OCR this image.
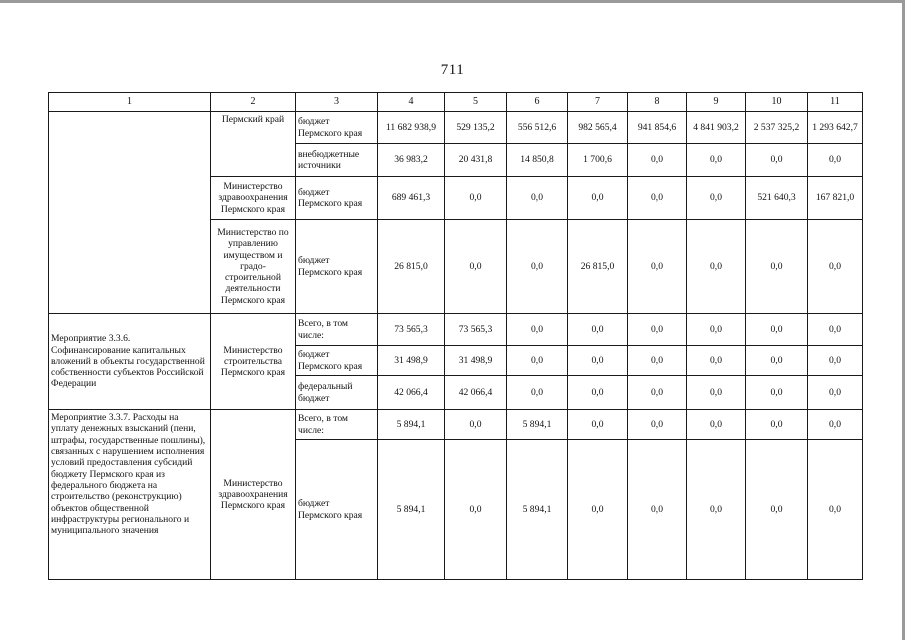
711
1	2	3	4	5	6	7	8	9	10	11
	Пермский край	бюджет Пермского края	11 682 938,9	529 135,2	556 512,6	982 565,4	941 854,6	4 841 903,2	2 537 325,2	1 293 642,7
		внебюджетные источники	36 983,2	20 431,8	14 850,8	1 700,6	0,0	0,0	0,0	0,0
	Министерство здравоохранения Пермского края	бюджет Пермского края	689 461,3	0,0	0,0	0,0	0,0	0,0	521 640,3	167 821,0
	Министерство по управлению имуществом и градо-строительной деятельности Пермского края	бюджет Пермского края	26 815,0	0,0	0,0	26 815,0	0,0	0,0	0,0	0,0
Мероприятие 3.3.6. Софинансирование капитальных вложений в объекты государственной собственности субъектов Российской Федерации	Министерство строительства Пермского края	Всего, в том числе:	73 565,3	73 565,3	0,0	0,0	0,0	0,0	0,0	0,0
		бюджет Пермского края	31 498,9	31 498,9	0,0	0,0	0,0	0,0	0,0	0,0
		федеральный бюджет	42 066,4	42 066,4	0,0	0,0	0,0	0,0	0,0	0,0
Мероприятие 3.3.7. Расходы на уплату денежных взысканий (пени, штрафы, государственные пошлины), связанных с нарушением исполнения условий предоставления субсидий бюджету Пермского края из федерального бюджета на строительство (реконструкцию) объектов общественной инфраструктуры регионального и муниципального значения	Министерство здравоохранения Пермского края	Всего, в том числе:	5 894,1	0,0	5 894,1	0,0	0,0	0,0	0,0	0,0
		бюджет Пермского края	5 894,1	0,0	5 894,1	0,0	0,0	0,0	0,0	0,0
